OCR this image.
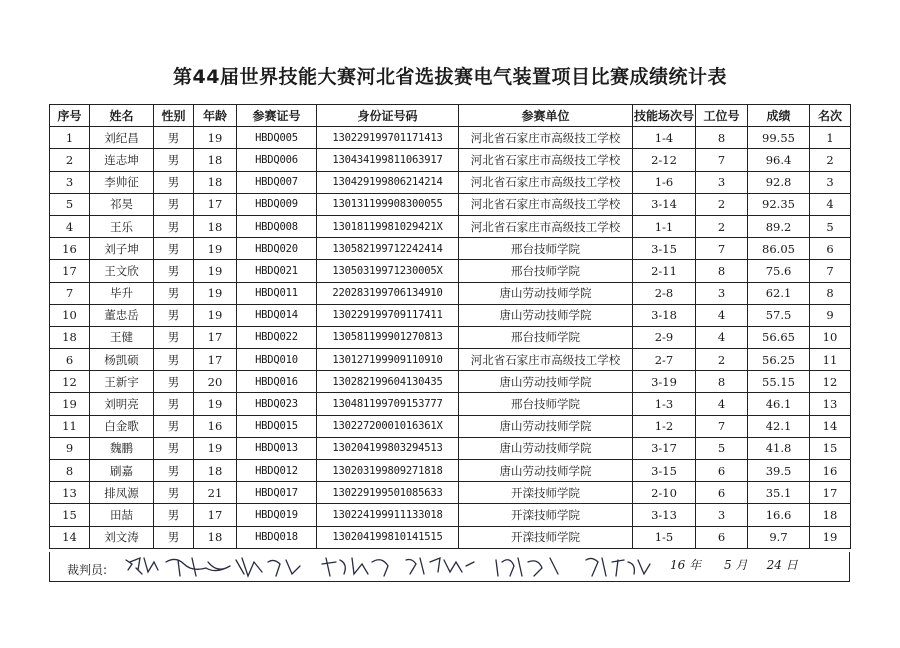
第44届世界技能大赛河北省选拔赛电气装置项目比赛成绩统计表
序号	姓名	性别	年龄	参赛证号	身份证号码	参赛单位	技能场次号	工位号	成绩	名次
1	刘纪昌	男	19	HBDQ005	130229199701171413	河北省石家庄市高级技工学校	1-4	8	99.55	1
2	连志坤	男	18	HBDQ006	130434199811063917	河北省石家庄市高级技工学校	2-12	7	96.4	2
3	李帅征	男	18	HBDQ007	130429199806214214	河北省石家庄市高级技工学校	1-6	3	92.8	3
5	祁昊	男	17	HBDQ009	130131199908300055	河北省石家庄市高级技工学校	3-14	2	92.35	4
4	王乐	男	18	HBDQ008	13018119981029421X	河北省石家庄市高级技工学校	1-1	2	89.2	5
16	刘子坤	男	19	HBDQ020	130582199712242414	邢台技师学院	3-15	7	86.05	6
17	王文欣	男	19	HBDQ021	13050319971230005X	邢台技师学院	2-11	8	75.6	7
7	毕升	男	19	HBDQ011	220283199706134910	唐山劳动技师学院	2-8	3	62.1	8
10	董忠岳	男	19	HBDQ014	130229199709117411	唐山劳动技师学院	3-18	4	57.5	9
18	王健	男	17	HBDQ022	130581199901270813	邢台技师学院	2-9	4	56.65	10
6	杨凯硕	男	17	HBDQ010	130127199909110910	河北省石家庄市高级技工学校	2-7	2	56.25	11
12	王新宇	男	20	HBDQ016	130282199604130435	唐山劳动技师学院	3-19	8	55.15	12
19	刘明亮	男	19	HBDQ023	130481199709153777	邢台技师学院	1-3	4	46.1	13
11	白金歌	男	16	HBDQ015	13022720001016361X	唐山劳动技师学院	1-2	7	42.1	14
9	魏鹏	男	19	HBDQ013	130204199803294513	唐山劳动技师学院	3-17	5	41.8	15
8	刷嘉	男	18	HBDQ012	130203199809271818	唐山劳动技师学院	3-15	6	39.5	16
13	排凤源	男	21	HBDQ017	130229199501085633	开滦技师学院	2-10	6	35.1	17
15	田喆	男	17	HBDQ019	130224199911133018	开滦技师学院	3-13	3	16.6	18
14	刘文涛	男	18	HBDQ018	130204199810141515	开滦技师学院	1-5	6	9.7	19
裁判员:
吴振全 赵以章 魏鹏飞 柳佳明 张铁桥 刘成竹 杨彦彪
16 年 5 月 24 日
